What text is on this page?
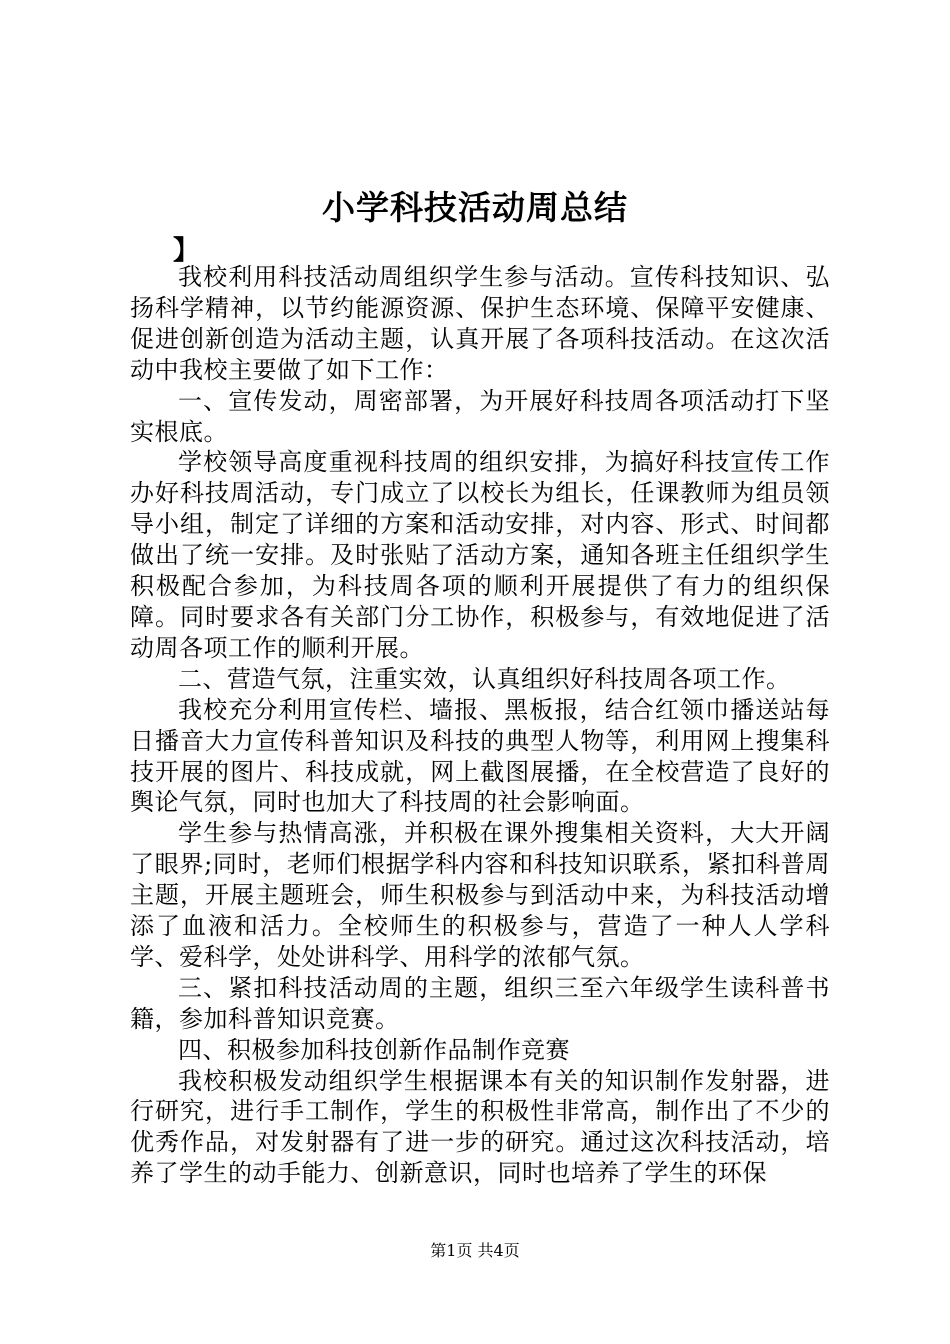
小学科技活动周总结
】

我校利用科技活动周组织学生参与活动。宣传科技知识、弘扬科学精神，以节约能源资源、保护生态环境、保障平安健康、促进创新创造为活动主题，认真开展了各项科技活动。在这次活动中我校主要做了如下工作：

一、宣传发动，周密部署，为开展好科技周各项活动打下坚实根底。

学校领导高度重视科技周的组织安排，为搞好科技宣传工作办好科技周活动，专门成立了以校长为组长，任课教师为组员领导小组，制定了详细的方案和活动安排，对内容、形式、时间都做出了统一安排。及时张贴了活动方案，通知各班主任组织学生积极配合参加，为科技周各项的顺利开展提供了有力的组织保障。同时要求各有关部门分工协作，积极参与，有效地促进了活动周各项工作的顺利开展。

二、营造气氛，注重实效，认真组织好科技周各项工作。

我校充分利用宣传栏、墙报、黑板报，结合红领巾播送站每日播音大力宣传科普知识及科技的典型人物等，利用网上搜集科技开展的图片、科技成就，网上截图展播，在全校营造了良好的舆论气氛，同时也加大了科技周的社会影响面。

学生参与热情高涨，并积极在课外搜集相关资料，大大开阔了眼界;同时，老师们根据学科内容和科技知识联系，紧扣科普周主题，开展主题班会，师生积极参与到活动中来，为科技活动增添了血液和活力。全校师生的积极参与，营造了一种人人学科学、爱科学，处处讲科学、用科学的浓郁气氛。

三、紧扣科技活动周的主题，组织三至六年级学生读科普书籍，参加科普知识竞赛。

四、积极参加科技创新作品制作竞赛

我校积极发动组织学生根据课本有关的知识制作发射器，进行研究，进行手工制作，学生的积极性非常高，制作出了不少的优秀作品，对发射器有了进一步的研究。通过这次科技活动，培养了学生的动手能力、创新意识，同时也培养了学生的环保

第1页 共4页
